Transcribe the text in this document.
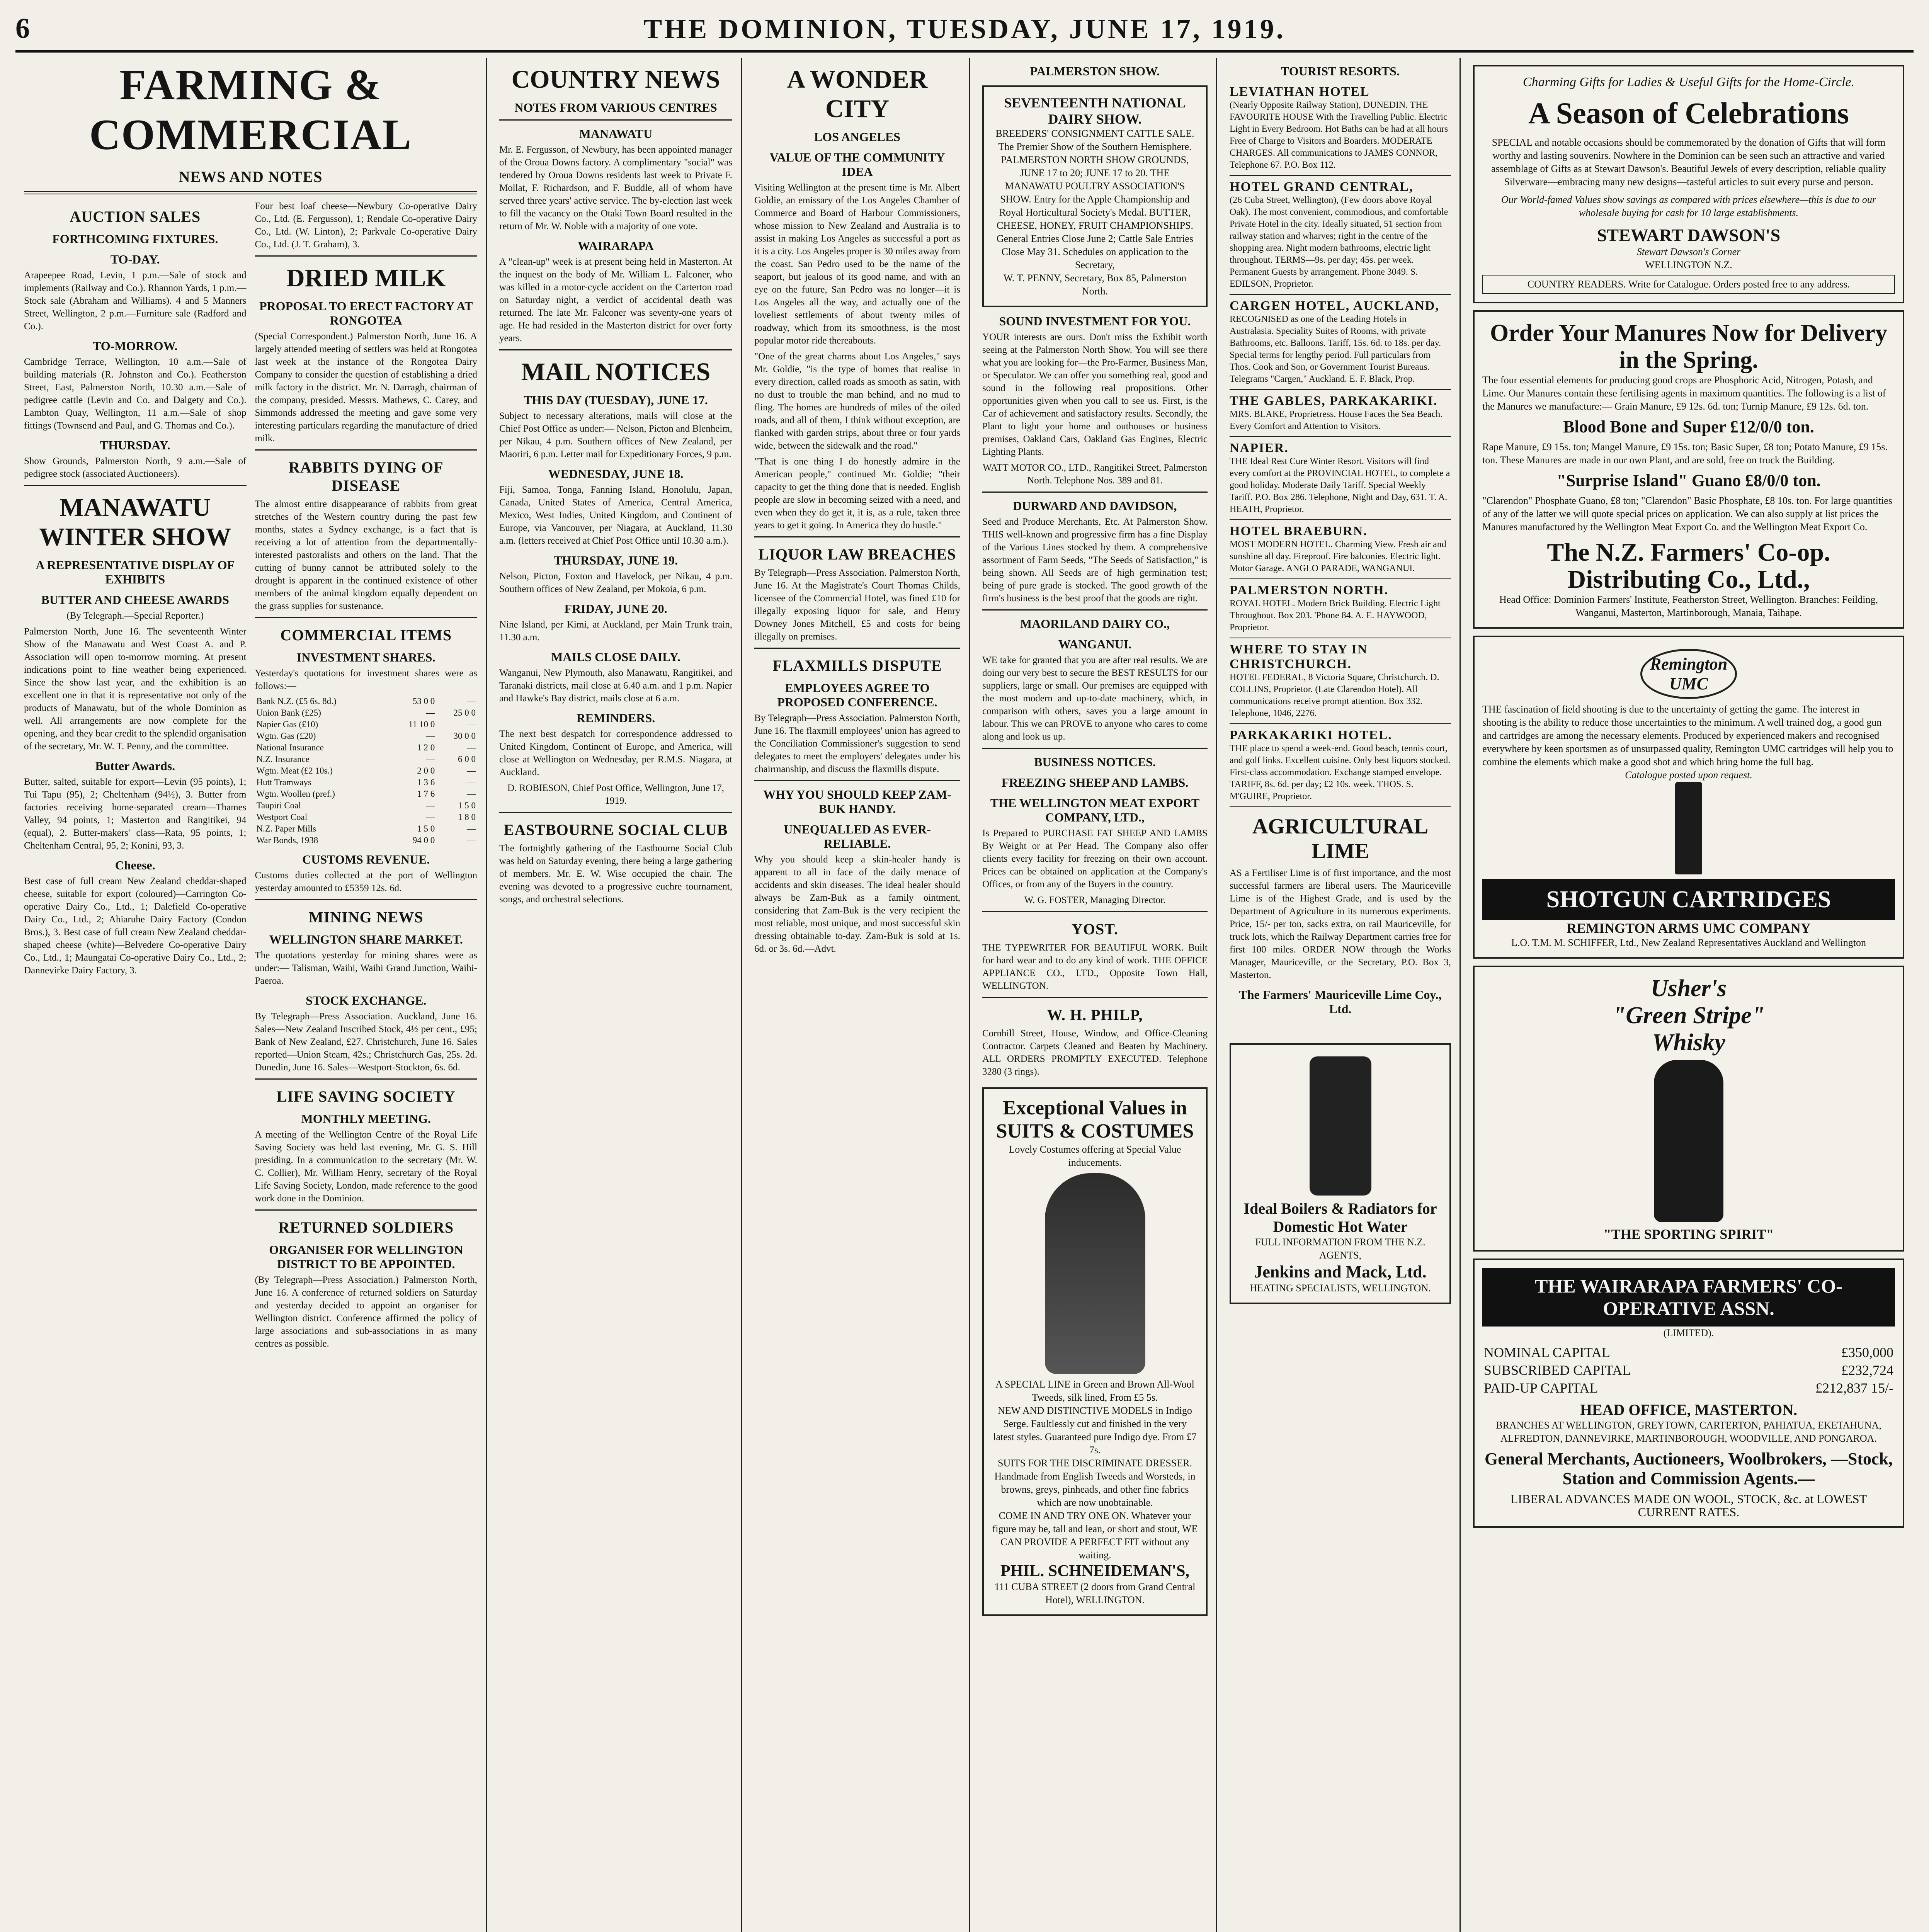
6	THE DOMINION, TUESDAY, JUNE 17, 1919.
FARMING & COMMERCIAL
NEWS AND NOTES
AUCTION SALES
FORTHCOMING FIXTURES.
TO-DAY.

Arapeepee Road, Levin, 1 p.m.—Sale of stock and implements (Railway and Co.). Rhannon Yards, 1 p.m.—Stock sale (Abraham and Williams). 4 and 5 Manners Street, Wellington, 2 p.m.—Furniture sale (Radford and Co.).

TO-MORROW.

Cambridge Terrace, Wellington, 10 a.m.—Sale of building materials (R. Johnston and Co.). Featherston Street, East, Palmerston North, 10.30 a.m.—Sale of pedigree cattle (Levin and Co. and Dalgety and Co.). Lambton Quay, Wellington, 11 a.m.—Sale of shop fittings (Townsend and Paul, and G. Thomas and Co.).

THURSDAY.

Show Grounds, Palmerston North, 9 a.m.—Sale of pedigree stock (associated Auctioneers).

MANAWATU WINTER SHOW
A REPRESENTATIVE DISPLAY OF EXHIBITS
BUTTER AND CHEESE AWARDS

(By Telegraph.—Special Reporter.)

Palmerston North, June 16. The seventeenth Winter Show of the Manawatu and West Coast A. and P. Association will open to-morrow morning. At present indications point to fine weather being experienced. Since the show last year, and the exhibition is an excellent one in that it is representative not only of the products of Manawatu, but of the whole Dominion as well. All arrangements are now complete for the opening, and they bear credit to the splendid organisation of the secretary, Mr. W. T. Penny, and the committee.

Butter Awards.

Butter, salted, suitable for export—Levin (95 points), 1; Tui Tapu (95), 2; Cheltenham (94½), 3. Butter from factories receiving home-separated cream—Thames Valley, 94 points, 1; Masterton and Rangitikei, 94 (equal), 2. Butter-makers' class—Rata, 95 points, 1; Cheltenham Central, 95, 2; Konini, 93, 3.

Cheese.

Best case of full cream New Zealand cheddar-shaped cheese, suitable for export (coloured)—Carrington Co-operative Dairy Co., Ltd., 1; Dalefield Co-operative Dairy Co., Ltd., 2; Ahiaruhe Dairy Factory (Condon Bros.), 3. Best case of full cream New Zealand cheddar-shaped cheese (white)—Belvedere Co-operative Dairy Co., Ltd., 1; Maungatai Co-operative Dairy Co., Ltd., 2; Dannevirke Dairy Factory, 3.

Four best loaf cheese—Newbury Co-operative Dairy Co., Ltd. (E. Fergusson), 1; Rendale Co-operative Dairy Co., Ltd. (W. Linton), 2; Parkvale Co-operative Dairy Co., Ltd. (J. T. Graham), 3.

DRIED MILK
PROPOSAL TO ERECT FACTORY AT RONGOTEA

(Special Correspondent.) Palmerston North, June 16. A largely attended meeting of settlers was held at Rongotea last week at the instance of the Rongotea Dairy Company to consider the question of establishing a dried milk factory in the district. Mr. N. Darragh, chairman of the company, presided. Messrs. Mathews, C. Carey, and Simmonds addressed the meeting and gave some very interesting particulars regarding the manufacture of dried milk.

RABBITS DYING OF DISEASE

The almost entire disappearance of rabbits from great stretches of the Western country during the past few months, states a Sydney exchange, is a fact that is receiving a lot of attention from the departmentally-interested pastoralists and others on the land. That the cutting of bunny cannot be attributed solely to the drought is apparent in the continued existence of other members of the animal kingdom equally dependent on the grass supplies for sustenance.

COMMERCIAL ITEMS
INVESTMENT SHARES.

Yesterday's quotations for investment shares were as follows:—

Bank N.Z. (£5 6s. 8d.)	53 0 0	—
Union Bank (£25)	—	25 0 0
Napier Gas (£10)	11 10 0	—
Wgtn. Gas (£20)	—	30 0 0
National Insurance	1 2 0	—
N.Z. Insurance	—	6 0 0
Wgtn. Meat (£2 10s.)	2 0 0	—
Hutt Tramways	1 3 6	—
Wgtn. Woollen (pref.)	1 7 6	—
Taupiri Coal	—	1 5 0
Westport Coal	—	1 8 0
N.Z. Paper Mills	1 5 0	—
War Bonds, 1938	94 0 0	—
CUSTOMS REVENUE.

Customs duties collected at the port of Wellington yesterday amounted to £5359 12s. 6d.

MINING NEWS
WELLINGTON SHARE MARKET.

The quotations yesterday for mining shares were as under:— Talisman, Waihi, Waihi Grand Junction, Waihi-Paeroa.

STOCK EXCHANGE.

By Telegraph—Press Association. Auckland, June 16. Sales—New Zealand Inscribed Stock, 4½ per cent., £95; Bank of New Zealand, £27. Christchurch, June 16. Sales reported—Union Steam, 42s.; Christchurch Gas, 25s. 2d. Dunedin, June 16. Sales—Westport-Stockton, 6s. 6d.

LIFE SAVING SOCIETY
MONTHLY MEETING.

A meeting of the Wellington Centre of the Royal Life Saving Society was held last evening, Mr. G. S. Hill presiding. In a communication to the secretary (Mr. W. C. Collier), Mr. William Henry, secretary of the Royal Life Saving Society, London, made reference to the good work done in the Dominion.

RETURNED SOLDIERS
ORGANISER FOR WELLINGTON DISTRICT TO BE APPOINTED.

(By Telegraph—Press Association.) Palmerston North, June 16. A conference of returned soldiers on Saturday and yesterday decided to appoint an organiser for Wellington district. Conference affirmed the policy of large associations and sub-associations in as many centres as possible.

COUNTRY NEWS
NOTES FROM VARIOUS CENTRES
MANAWATU

Mr. E. Fergusson, of Newbury, has been appointed manager of the Oroua Downs factory. A complimentary "social" was tendered by Oroua Downs residents last week to Private F. Mollat, F. Richardson, and F. Buddle, all of whom have served three years' active service. The by-election last week to fill the vacancy on the Otaki Town Board resulted in the return of Mr. W. Noble with a majority of one vote.

WAIRARAPA

A "clean-up" week is at present being held in Masterton. At the inquest on the body of Mr. William L. Falconer, who was killed in a motor-cycle accident on the Carterton road on Saturday night, a verdict of accidental death was returned. The late Mr. Falconer was seventy-one years of age. He had resided in the Masterton district for over forty years.

MAIL NOTICES
THIS DAY (TUESDAY), JUNE 17.

Subject to necessary alterations, mails will close at the Chief Post Office as under:— Nelson, Picton and Blenheim, per Nikau, 4 p.m. Southern offices of New Zealand, per Maoriri, 6 p.m. Letter mail for Expeditionary Forces, 9 p.m.

WEDNESDAY, JUNE 18.

Fiji, Samoa, Tonga, Fanning Island, Honolulu, Japan, Canada, United States of America, Central America, Mexico, West Indies, United Kingdom, and Continent of Europe, via Vancouver, per Niagara, at Auckland, 11.30 a.m. (letters received at Chief Post Office until 10.30 a.m.).

THURSDAY, JUNE 19.

Nelson, Picton, Foxton and Havelock, per Nikau, 4 p.m. Southern offices of New Zealand, per Mokoia, 6 p.m.

FRIDAY, JUNE 20.

Nine Island, per Kimi, at Auckland, per Main Trunk train, 11.30 a.m.

MAILS CLOSE DAILY.

Wanganui, New Plymouth, also Manawatu, Rangitikei, and Taranaki districts, mail close at 6.40 a.m. and 1 p.m. Napier and Hawke's Bay district, mails close at 6 a.m.

REMINDERS.

The next best despatch for correspondence addressed to United Kingdom, Continent of Europe, and America, will close at Wellington on Wednesday, per R.M.S. Niagara, at Auckland.

D. ROBIESON, Chief Post Office, Wellington, June 17, 1919.

EASTBOURNE SOCIAL CLUB

The fortnightly gathering of the Eastbourne Social Club was held on Saturday evening, there being a large gathering of members. Mr. E. W. Wise occupied the chair. The evening was devoted to a progressive euchre tournament, songs, and orchestral selections.

A WONDER CITY
LOS ANGELES
VALUE OF THE COMMUNITY IDEA

Visiting Wellington at the present time is Mr. Albert Goldie, an emissary of the Los Angeles Chamber of Commerce and Board of Harbour Commissioners, whose mission to New Zealand and Australia is to assist in making Los Angeles as successful a port as it is a city. Los Angeles proper is 30 miles away from the coast. San Pedro used to be the name of the seaport, but jealous of its good name, and with an eye on the future, San Pedro was no longer—it is Los Angeles all the way, and actually one of the loveliest settlements of about twenty miles of roadway, which from its smoothness, is the most popular motor ride thereabouts.

"One of the great charms about Los Angeles," says Mr. Goldie, "is the type of homes that realise in every direction, called roads as smooth as satin, with no dust to trouble the man behind, and no mud to fling. The homes are hundreds of miles of the oiled roads, and all of them, I think without exception, are flanked with garden strips, about three or four yards wide, between the sidewalk and the road."

"That is one thing I do honestly admire in the American people," continued Mr. Goldie; "their capacity to get the thing done that is needed. English people are slow in becoming seized with a need, and even when they do get it, it is, as a rule, taken three years to get it going. In America they do hustle."

LIQUOR LAW BREACHES

By Telegraph—Press Association. Palmerston North, June 16. At the Magistrate's Court Thomas Childs, licensee of the Commercial Hotel, was fined £10 for illegally exposing liquor for sale, and Henry Downey Jones Mitchell, £5 and costs for being illegally on premises.

FLAXMILLS DISPUTE
EMPLOYEES AGREE TO PROPOSED CONFERENCE.

By Telegraph—Press Association. Palmerston North, June 16. The flaxmill employees' union has agreed to the Conciliation Commissioner's suggestion to send delegates to meet the employers' delegates under his chairmanship, and discuss the flaxmills dispute.

WHY YOU SHOULD KEEP ZAM-BUK HANDY.
UNEQUALLED AS EVER-RELIABLE.

Why you should keep a skin-healer handy is apparent to all in face of the daily menace of accidents and skin diseases. The ideal healer should always be Zam-Buk as a family ointment, considering that Zam-Buk is the very recipient the most reliable, most unique, and most successful skin dressing obtainable to-day. Zam-Buk is sold at 1s. 6d. or 3s. 6d.—Advt.

PALMERSTON SHOW.
SEVENTEENTH NATIONAL DAIRY SHOW.
BREEDERS' CONSIGNMENT CATTLE SALE.
The Premier Show of the Southern Hemisphere. PALMERSTON NORTH SHOW GROUNDS, JUNE 17 to 20; JUNE 17 to 20. THE MANAWATU POULTRY ASSOCIATION'S SHOW. Entry for the Apple Championship and Royal Horticultural Society's Medal. BUTTER, CHEESE, HONEY, FRUIT CHAMPIONSHIPS. General Entries Close June 2; Cattle Sale Entries Close May 31. Schedules on application to the Secretary,
W. T. PENNY, Secretary, Box 85, Palmerston North.
SOUND INVESTMENT FOR YOU.

YOUR interests are ours. Don't miss the Exhibit worth seeing at the Palmerston North Show. You will see there what you are looking for—the Pro-Farmer, Business Man, or Speculator. We can offer you something real, good and sound in the following real propositions. Other opportunities given when you call to see us. First, is the Car of achievement and satisfactory results. Secondly, the Plant to light your home and outhouses or business premises, Oakland Cars, Oakland Gas Engines, Electric Lighting Plants.

WATT MOTOR CO., LTD., Rangitikei Street, Palmerston North. Telephone Nos. 389 and 81.

DURWARD AND DAVIDSON,

Seed and Produce Merchants, Etc. At Palmerston Show. THIS well-known and progressive firm has a fine Display of the Various Lines stocked by them. A comprehensive assortment of Farm Seeds, "The Seeds of Satisfaction," is being shown. All Seeds are of high germination test; being of pure grade is stocked. The good growth of the firm's business is the best proof that the goods are right.

MAORILAND DAIRY CO.,
WANGANUI.

WE take for granted that you are after real results. We are doing our very best to secure the BEST RESULTS for our suppliers, large or small. Our premises are equipped with the most modern and up-to-date machinery, which, in comparison with others, saves you a large amount in labour. This we can PROVE to anyone who cares to come along and look us up.

BUSINESS NOTICES.
FREEZING SHEEP AND LAMBS.
THE WELLINGTON MEAT EXPORT COMPANY, LTD.,

Is Prepared to PURCHASE FAT SHEEP AND LAMBS By Weight or at Per Head. The Company also offer clients every facility for freezing on their own account. Prices can be obtained on application at the Company's Offices, or from any of the Buyers in the country.

W. G. FOSTER, Managing Director.

YOST.

THE TYPEWRITER FOR BEAUTIFUL WORK. Built for hard wear and to do any kind of work. THE OFFICE APPLIANCE CO., LTD., Opposite Town Hall, WELLINGTON.

W. H. PHILP,

Cornhill Street, House, Window, and Office-Cleaning Contractor. Carpets Cleaned and Beaten by Machinery. ALL ORDERS PROMPTLY EXECUTED. Telephone 3280 (3 rings).

Exceptional Values in SUITS & COSTUMES
Lovely Costumes offering at Special Value inducements.
A SPECIAL LINE in Green and Brown All-Wool Tweeds, silk lined, From £5 5s.
NEW AND DISTINCTIVE MODELS in Indigo Serge. Faultlessly cut and finished in the very latest styles. Guaranteed pure Indigo dye. From £7 7s.
SUITS FOR THE DISCRIMINATE DRESSER. Handmade from English Tweeds and Worsteds, in browns, greys, pinheads, and other fine fabrics which are now unobtainable.
COME IN AND TRY ONE ON. Whatever your figure may be, tall and lean, or short and stout, WE CAN PROVIDE A PERFECT FIT without any waiting.
PHIL. SCHNEIDEMAN'S,
111 CUBA STREET (2 doors from Grand Central Hotel), WELLINGTON.
TOURIST RESORTS.
LEVIATHAN HOTEL
(Nearly Opposite Railway Station), DUNEDIN. THE FAVOURITE HOUSE With the Travelling Public. Electric Light in Every Bedroom. Hot Baths can be had at all hours Free of Charge to Visitors and Boarders. MODERATE CHARGES. All communications to JAMES CONNOR, Telephone 67. P.O. Box 112.
HOTEL GRAND CENTRAL,
(26 Cuba Street, Wellington), (Few doors above Royal Oak). The most convenient, commodious, and comfortable Private Hotel in the city. Ideally situated, 51 section from railway station and wharves; right in the centre of the shopping area. Night modern bathrooms, electric light throughout. TERMS—9s. per day; 45s. per week. Permanent Guests by arrangement. Phone 3049. S. EDILSON, Proprietor.
CARGEN HOTEL, AUCKLAND,
RECOGNISED as one of the Leading Hotels in Australasia. Speciality Suites of Rooms, with private Bathrooms, etc. Balloons. Tariff, 15s. 6d. to 18s. per day. Special terms for lengthy period. Full particulars from Thos. Cook and Son, or Government Tourist Bureaus. Telegrams "Cargen," Auckland. E. F. Black, Prop.
THE GABLES, PARKAKARIKI.
MRS. BLAKE, Proprietress. House Faces the Sea Beach. Every Comfort and Attention to Visitors.
NAPIER.
THE Ideal Rest Cure Winter Resort. Visitors will find every comfort at the PROVINCIAL HOTEL, to complete a good holiday. Moderate Daily Tariff. Special Weekly Tariff. P.O. Box 286. Telephone, Night and Day, 631. T. A. HEATH, Proprietor.
HOTEL BRAEBURN.
MOST MODERN HOTEL. Charming View. Fresh air and sunshine all day. Fireproof. Fire balconies. Electric light. Motor Garage. ANGLO PARADE, WANGANUI.
PALMERSTON NORTH.
ROYAL HOTEL. Modern Brick Building. Electric Light Throughout. Box 203. 'Phone 84. A. E. HAYWOOD, Proprietor.
WHERE TO STAY IN CHRISTCHURCH.
HOTEL FEDERAL, 8 Victoria Square, Christchurch. D. COLLINS, Proprietor. (Late Clarendon Hotel). All communications receive prompt attention. Box 332. Telephone, 1046, 2276.
PARKAKARIKI HOTEL.
THE place to spend a week-end. Good beach, tennis court, and golf links. Excellent cuisine. Only best liquors stocked. First-class accommodation. Exchange stamped envelope. TARIFF, 8s. 6d. per day; £2 10s. week. THOS. S. M'GUIRE, Proprietor.
AGRICULTURAL LIME

AS a Fertiliser Lime is of first importance, and the most successful farmers are liberal users. The Mauriceville Lime is of the Highest Grade, and is used by the Department of Agriculture in its numerous experiments. Price, 15/- per ton, sacks extra, on rail Mauriceville, for truck lots, which the Railway Department carries free for first 100 miles. ORDER NOW through the Works Manager, Mauriceville, or the Secretary, P.O. Box 3, Masterton.

The Farmers' Mauriceville Lime Coy., Ltd.
Ideal Boilers & Radiators for Domestic Hot Water
FULL INFORMATION FROM THE N.Z. AGENTS,
Jenkins and Mack, Ltd.
HEATING SPECIALISTS, WELLINGTON.
Charming Gifts for Ladies & Useful Gifts for the Home-Circle.
A Season of Celebrations
SPECIAL and notable occasions should be commemorated by the donation of Gifts that will form worthy and lasting souvenirs. Nowhere in the Dominion can be seen such an attractive and varied assemblage of Gifts as at Stewart Dawson's. Beautiful Jewels of every description, reliable quality Silverware—embracing many new designs—tasteful articles to suit every purse and person.
Our World-famed Values show savings as compared with prices elsewhere—this is due to our wholesale buying for cash for 10 large establishments.
STEWART DAWSON'S
Stewart Dawson's Corner
WELLINGTON N.Z.
COUNTRY READERS. Write for Catalogue. Orders posted free to any address.
Order Your Manures Now for Delivery in the Spring.
The four essential elements for producing good crops are Phosphoric Acid, Nitrogen, Potash, and Lime. Our Manures contain these fertilising agents in maximum quantities. The following is a list of the Manures we manufacture:— Grain Manure, £9 12s. 6d. ton; Turnip Manure, £9 12s. 6d. ton.
Blood Bone and Super £12/0/0 ton.
Rape Manure, £9 15s. ton; Mangel Manure, £9 15s. ton; Basic Super, £8 ton; Potato Manure, £9 15s. ton. These Manures are made in our own Plant, and are sold, free on truck the Building.
"Surprise Island" Guano £8/0/0 ton.
"Clarendon" Phosphate Guano, £8 ton; "Clarendon" Basic Phosphate, £8 10s. ton. For large quantities of any of the latter we will quote special prices on application. We can also supply at list prices the Manures manufactured by the Wellington Meat Export Co. and the Wellington Meat Export Co.
The N.Z. Farmers' Co-op. Distributing Co., Ltd.,
Head Office: Dominion Farmers' Institute, Featherston Street, Wellington. Branches: Feilding, Wanganui, Masterton, Martinborough, Manaia, Taihape.
Remington UMC
THE fascination of field shooting is due to the uncertainty of getting the game. The interest in shooting is the ability to reduce those uncertainties to the minimum. A well trained dog, a good gun and cartridges are among the necessary elements. Produced by experienced makers and recognised everywhere by keen sportsmen as of unsurpassed quality, Remington UMC cartridges will help you to combine the elements which make a good shot and which bring home the full bag.
Catalogue posted upon request.
SHOTGUN CARTRIDGES
REMINGTON ARMS UMC COMPANY
L.O. T.M. M. SCHIFFER, Ltd., New Zealand Representatives Auckland and Wellington
Usher's
"Green Stripe"
Whisky
"THE SPORTING SPIRIT"
THE WAIRARAPA FARMERS' CO-OPERATIVE ASSN.
(LIMITED).
NOMINAL CAPITAL	£350,000
SUBSCRIBED CAPITAL	£232,724
PAID-UP CAPITAL	£212,837 15/-
HEAD OFFICE, MASTERTON.
BRANCHES AT WELLINGTON, GREYTOWN, CARTERTON, PAHIATUA, EKETAHUNA, ALFREDTON, DANNEVIRKE, MARTINBOROUGH, WOODVILLE, AND PONGAROA.
General Merchants, Auctioneers, Woolbrokers, —Stock, Station and Commission Agents.—
LIBERAL ADVANCES MADE ON WOOL, STOCK, &c. at LOWEST CURRENT RATES.
